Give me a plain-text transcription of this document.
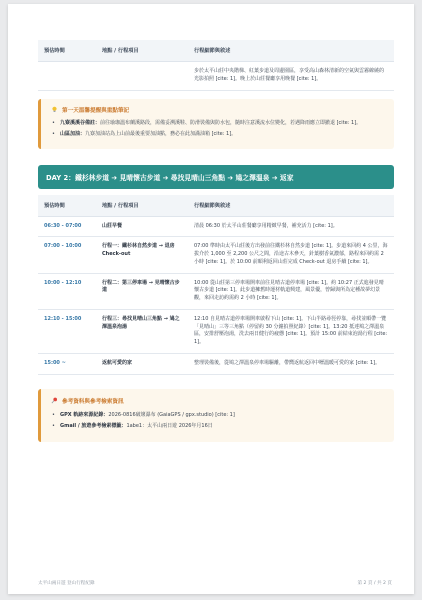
預估時間	地點 / 行程項目	行程細節與敘述
		步於太平山莊中央階梯、紅葉步道及周邊園區，享受高山森林清新的空氣與雲霧繚繞的光影拍照 [cite: 1]。晚上於山莊餐廳享用晚餐 [cite: 1]。
第一天溫馨提醒與重點筆記
• 九寮溪溪谷備註：前往瑜珈溫布蘭溪路段，需備妥溯溪鞋、防滑裝備與防水包，隨時注意溪流水位變化，若遇降雨應立即撤退 [cite: 1]。
• 山區加油：九寮加油站為上山前最後重要加油點，務必在此加滿油箱 [cite: 1]。
DAY 2：鐵杉林步道 ➔ 見晴懷古步道 ➔ 尋找見晴山三角點 ➔ 鳩之澤溫泉 ➔ 返家
預估時間	地點 / 行程項目	行程細節與敘述
06:30 - 07:00	山莊早餐	清晨 06:30 於太平山莊餐廳享用精緻早餐，補充活力 [cite: 1]。
07:00 - 10:00	行程一：鐵杉林自然步道 → 退房 Check-out	07:00 準時由太平山莊後方出發前往鐵杉林自然步道 [cite: 1]。步道來回約 4 公里，海拔介於 1,000 至 2,200 公尺之間，沿途古木參天，針葉樹香氣濃郁，路程來回約需 2 小時 [cite: 1]。於 10:00 前順利返回山莊完成 Check-out 退房手續 [cite: 1]。
10:00 - 12:10	行程二：第三停車場 → 見晴懷古步道	10:00 從山莊第三停車場開車前往見晴古道停車場 [cite: 1]。約 10:27 正式進發見晴懷古步道 [cite: 1]。此步道擁舊時運材軌道興建，風景優，曾歸與所為定種故夢幻景觀，來回走訪約需約 2 小時 [cite: 1]。
12:10 - 15:00	行程三：尋找見晴山三角點 → 鳩之澤溫泉泡湯	12:10 自見晴古道停車場開車啟程下山 [cite: 1]。下山半路尋徑停靠，尋找並順帶一覽「見晴山」三等三角點（停留約 30 分鐘拍照紀錄）[cite: 1]。13:20 抵達鳩之澤溫泉區，安排舒壓泡湯，洗去兩日健行的疲憊 [cite: 1]。預計 15:00 前結束泡湯行程 [cite: 1]。
15:00 ~	返航可愛的家	整理裝備後，從鳩之澤溫泉停車場驅離，帶嚮返航返回中壢溫暖可愛的家 [cite: 1]。
參考資料與參考檢索資訊
• GPX 軌跡來源紀錄：2026-0816破壞瀑布 (GaiaGPS / gpx.studio) [cite: 1]
• Gmail / 旅遊參考檢索標籤：1abe1：太平山兩日遊 2026年月16日
太平山兩日遊 登山行程紀錄	第 2 頁 / 共 2 頁
